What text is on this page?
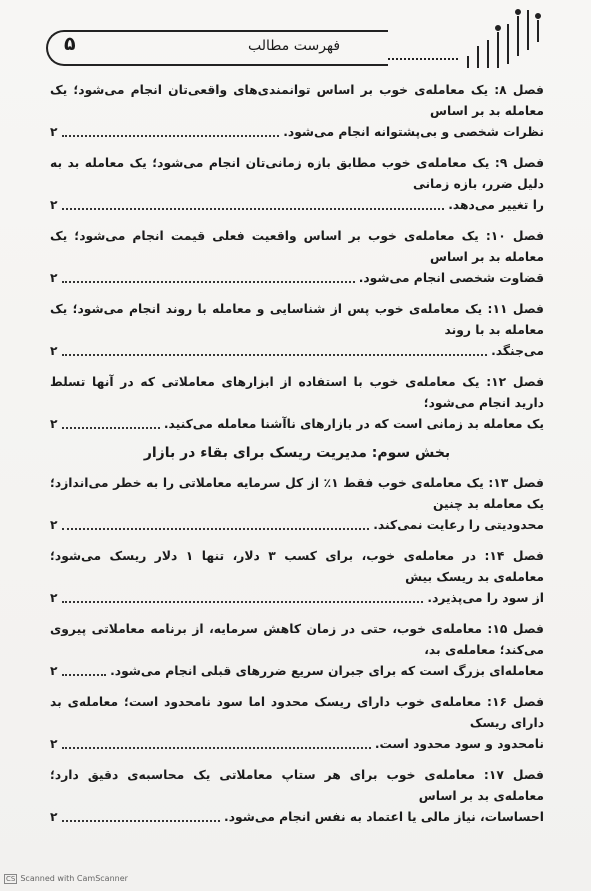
۵	فهرست مطالب
فصل ۸: یک معامله‌ی خوب بر اساس توانمندی‌های واقعی‌تان انجام می‌شود؛ یک معامله بد بر اساس
نظرات شخصی و بی‌پشتوانه انجام می‌شود.
۲
فصل ۹: یک معامله‌ی خوب مطابق بازه زمانی‌تان انجام می‌شود؛ یک معامله بد به دلیل ضرر، بازه زمانی
را تغییر می‌دهد.
۲
فصل ۱۰: یک معامله‌ی خوب بر اساس واقعیت فعلی قیمت انجام می‌شود؛ یک معامله بد بر اساس
قضاوت شخصی انجام می‌شود.
۲
فصل ۱۱: یک معامله‌ی خوب پس از شناسایی و معامله با روند انجام می‌شود؛ یک معامله بد با روند
می‌جنگد.
۲
فصل ۱۲: یک معامله‌ی خوب با استفاده از ابزارهای معاملاتی که در آنها تسلط دارید انجام می‌شود؛
یک معامله بد زمانی است که در بازارهای ناآشنا معامله می‌کنید.
۲
بخش سوم: مدیریت ریسک برای بقاء در بازار
فصل ۱۳: یک معامله‌ی خوب فقط ۱٪ از کل سرمایه معاملاتی را به خطر می‌اندازد؛ یک معامله بد چنین
محدودیتی را رعایت نمی‌کند.
۲
فصل ۱۴: در معامله‌ی خوب، برای کسب ۳ دلار، تنها ۱ دلار ریسک می‌شود؛ معامله‌ی بد ریسک بیش
از سود را می‌پذیرد.
۲
فصل ۱۵: معامله‌ی خوب، حتی در زمان کاهش سرمایه، از برنامه معاملاتی پیروی می‌کند؛ معامله‌ی بد،
معامله‌ای بزرگ است که برای جبران سریع ضررهای قبلی انجام می‌شود.
۲
فصل ۱۶: معامله‌ی خوب دارای ریسک محدود اما سود نامحدود است؛ معامله‌ی بد دارای ریسک
نامحدود و سود محدود است.
۲
فصل ۱۷: معامله‌ی خوب برای هر ستاپ معاملاتی یک محاسبه‌ی دقیق دارد؛ معامله‌ی بد بر اساس
احساسات، نیاز مالی یا اعتماد به نفس انجام می‌شود.
۲
CS Scanned with CamScanner
